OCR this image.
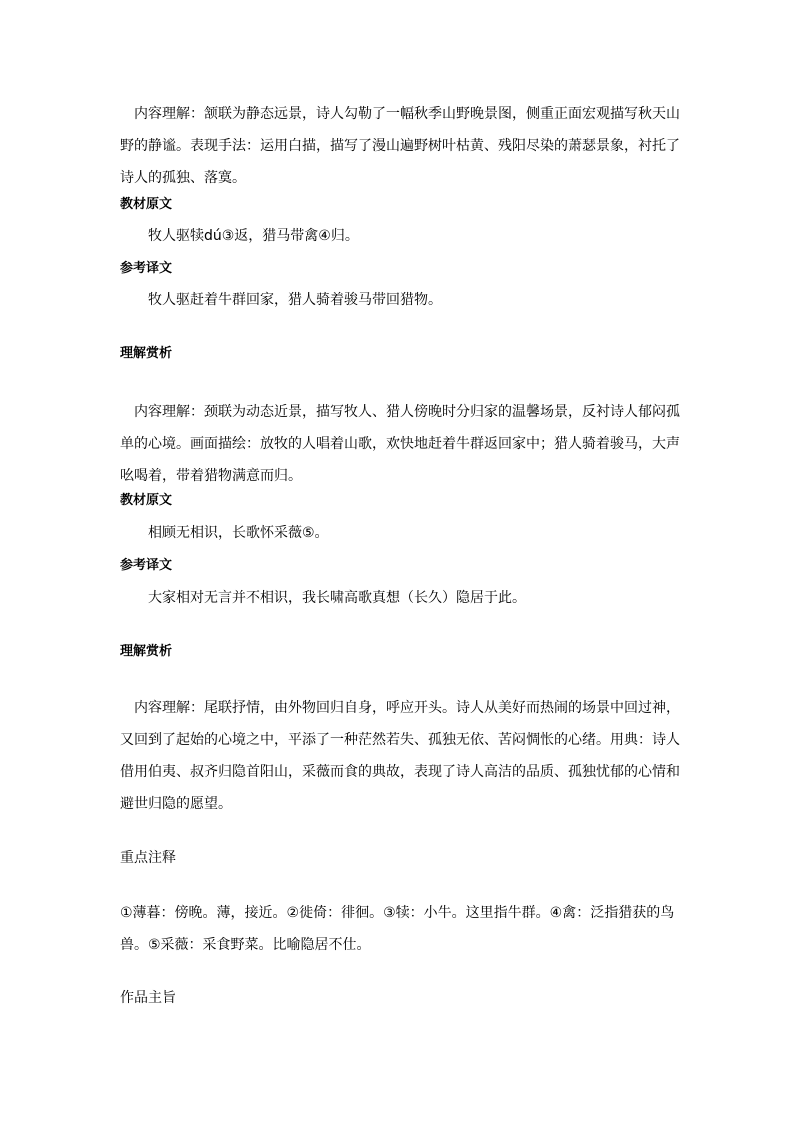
内容理解：颔联为静态远景，诗人勾勒了一幅秋季山野晚景图，侧重正面宏观描写秋天山野的静谧。表现手法：运用白描，描写了漫山遍野树叶枯黄、残阳尽染的萧瑟景象，衬托了诗人的孤独、落寞。

教材原文
牧人驱犊dú③返，猎马带禽④归。
参考译文
牧人驱赶着牛群回家，猎人骑着骏马带回猎物。
理解赏析

内容理解：颈联为动态近景，描写牧人、猎人傍晚时分归家的温馨场景，反衬诗人郁闷孤单的心境。画面描绘：放牧的人唱着山歌，欢快地赶着牛群返回家中；猎人骑着骏马，大声吆喝着，带着猎物满意而归。

教材原文
相顾无相识，长歌怀采薇⑤。
参考译文
大家相对无言并不相识，我长啸高歌真想（长久）隐居于此。
理解赏析

内容理解：尾联抒情，由外物回归自身，呼应开头。诗人从美好而热闹的场景中回过神，又回到了起始的心境之中，平添了一种茫然若失、孤独无依、苦闷惆怅的心绪。用典：诗人借用伯夷、叔齐归隐首阳山，采薇而食的典故，表现了诗人高洁的品质、孤独忧郁的心情和避世归隐的愿望。

重点注释

①薄暮：傍晚。薄，接近。②徙倚：徘徊。③犊：小牛。这里指牛群。④禽：泛指猎获的鸟兽。⑤采薇：采食野菜。比喻隐居不仕。

作品主旨
